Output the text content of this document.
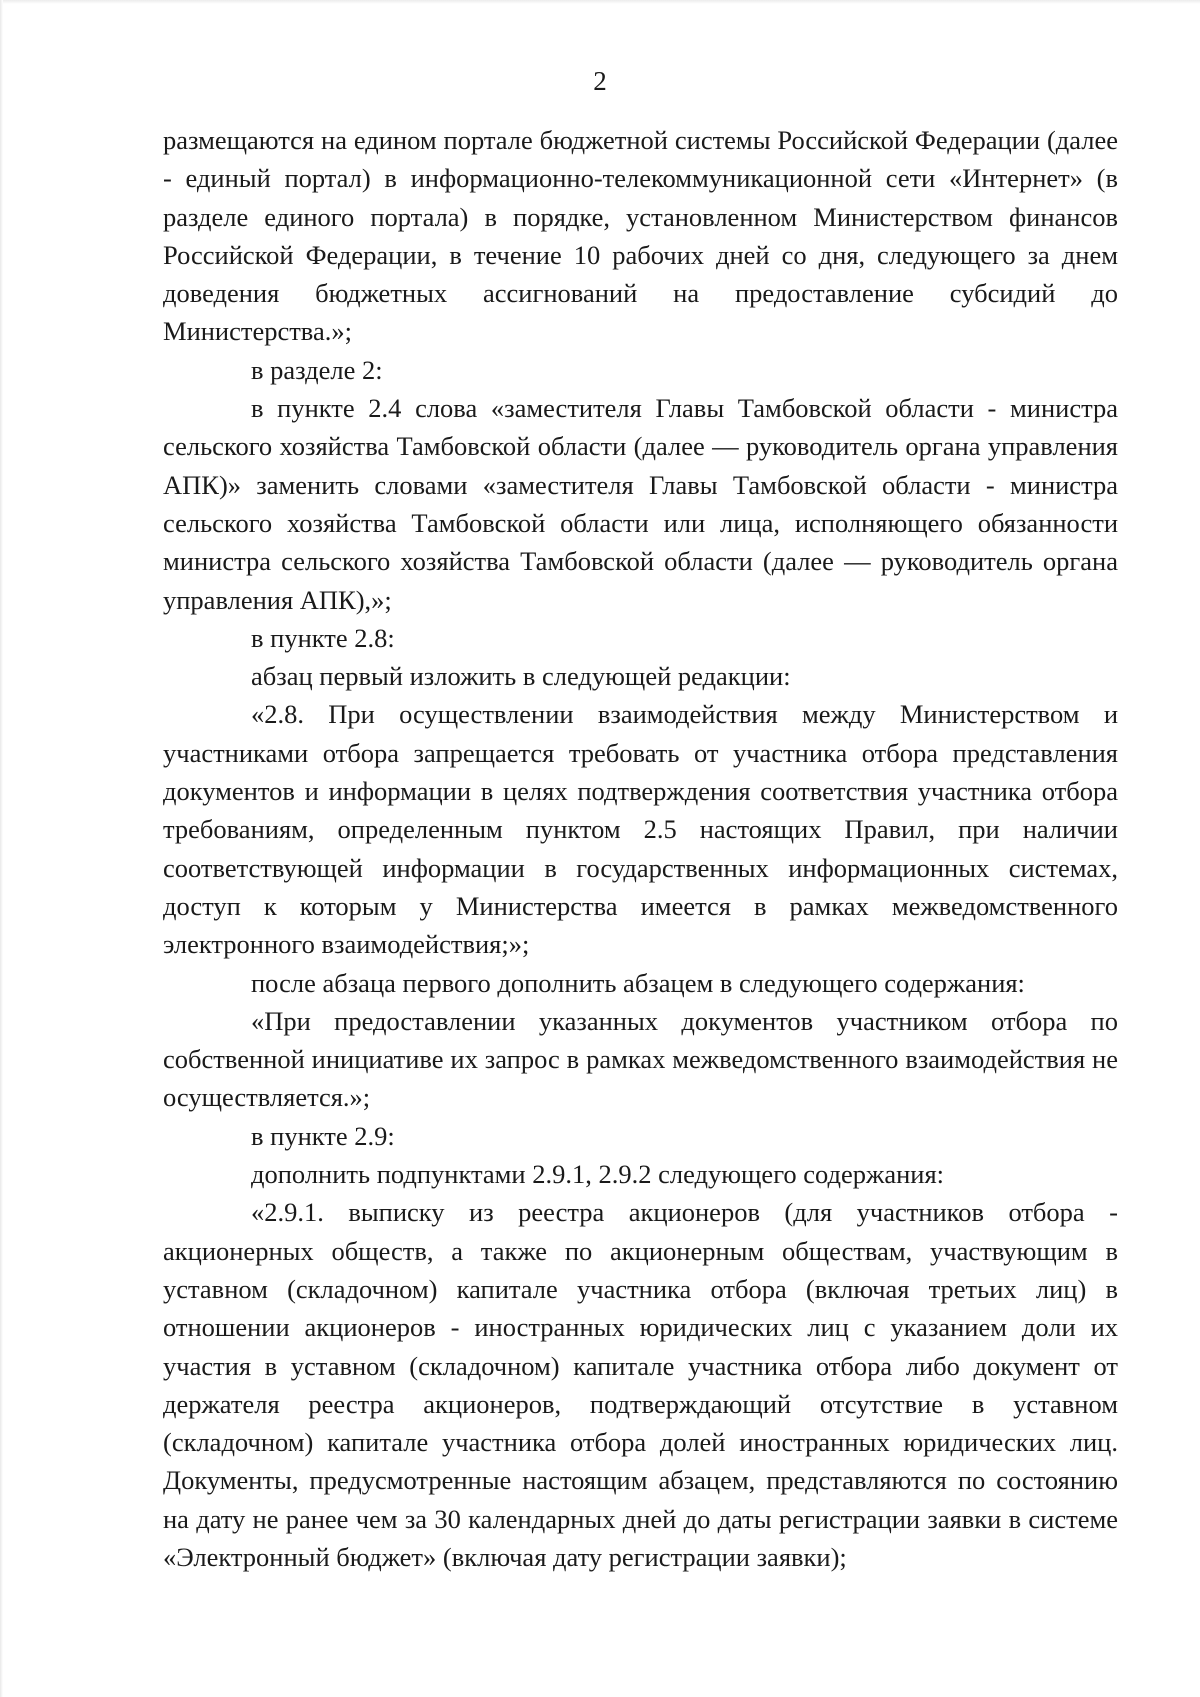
2

размещаются на едином портале бюджетной системы Российской Федерации (далее - единый портал) в информационно-телекоммуникационной сети «Интернет» (в разделе единого портала) в порядке, установленном Министерством финансов Российской Федерации, в течение 10 рабочих дней со дня, следующего за днем доведения бюджетных ассигнований на предоставление субсидий до Министерства.»;

в разделе 2:

в пункте 2.4 слова «заместителя Главы Тамбовской области - министра сельского хозяйства Тамбовской области (далее — руководитель органа управления АПК)» заменить словами «заместителя Главы Тамбовской области - министра сельского хозяйства Тамбовской области или лица, исполняющего обязанности министра сельского хозяйства Тамбовской области (далее — руководитель органа управления АПК),»;

в пункте 2.8:

абзац первый изложить в следующей редакции:

«2.8. При осуществлении взаимодействия между Министерством и участниками отбора запрещается требовать от участника отбора представления документов и информации в целях подтверждения соответствия участника отбора требованиям, определенным пунктом 2.5 настоящих Правил, при наличии соответствующей информации в государственных информационных системах, доступ к которым у Министерства имеется в рамках межведомственного электронного взаимодействия;»;

после абзаца первого дополнить абзацем в следующего содержания:

«При предоставлении указанных документов участником отбора по собственной инициативе их запрос в рамках межведомственного взаимодействия не осуществляется.»;

в пункте 2.9:

дополнить подпунктами 2.9.1, 2.9.2 следующего содержания:

«2.9.1. выписку из реестра акционеров (для участников отбора - акционерных обществ, а также по акционерным обществам, участвующим в уставном (складочном) капитале участника отбора (включая третьих лиц) в отношении акционеров - иностранных юридических лиц с указанием доли их участия в уставном (складочном) капитале участника отбора либо документ от держателя реестра акционеров, подтверждающий отсутствие в уставном (складочном) капитале участника отбора долей иностранных юридических лиц. Документы, предусмотренные настоящим абзацем, представляются по состоянию на дату не ранее чем за 30 календарных дней до даты регистрации заявки в системе «Электронный бюджет» (включая дату регистрации заявки);
